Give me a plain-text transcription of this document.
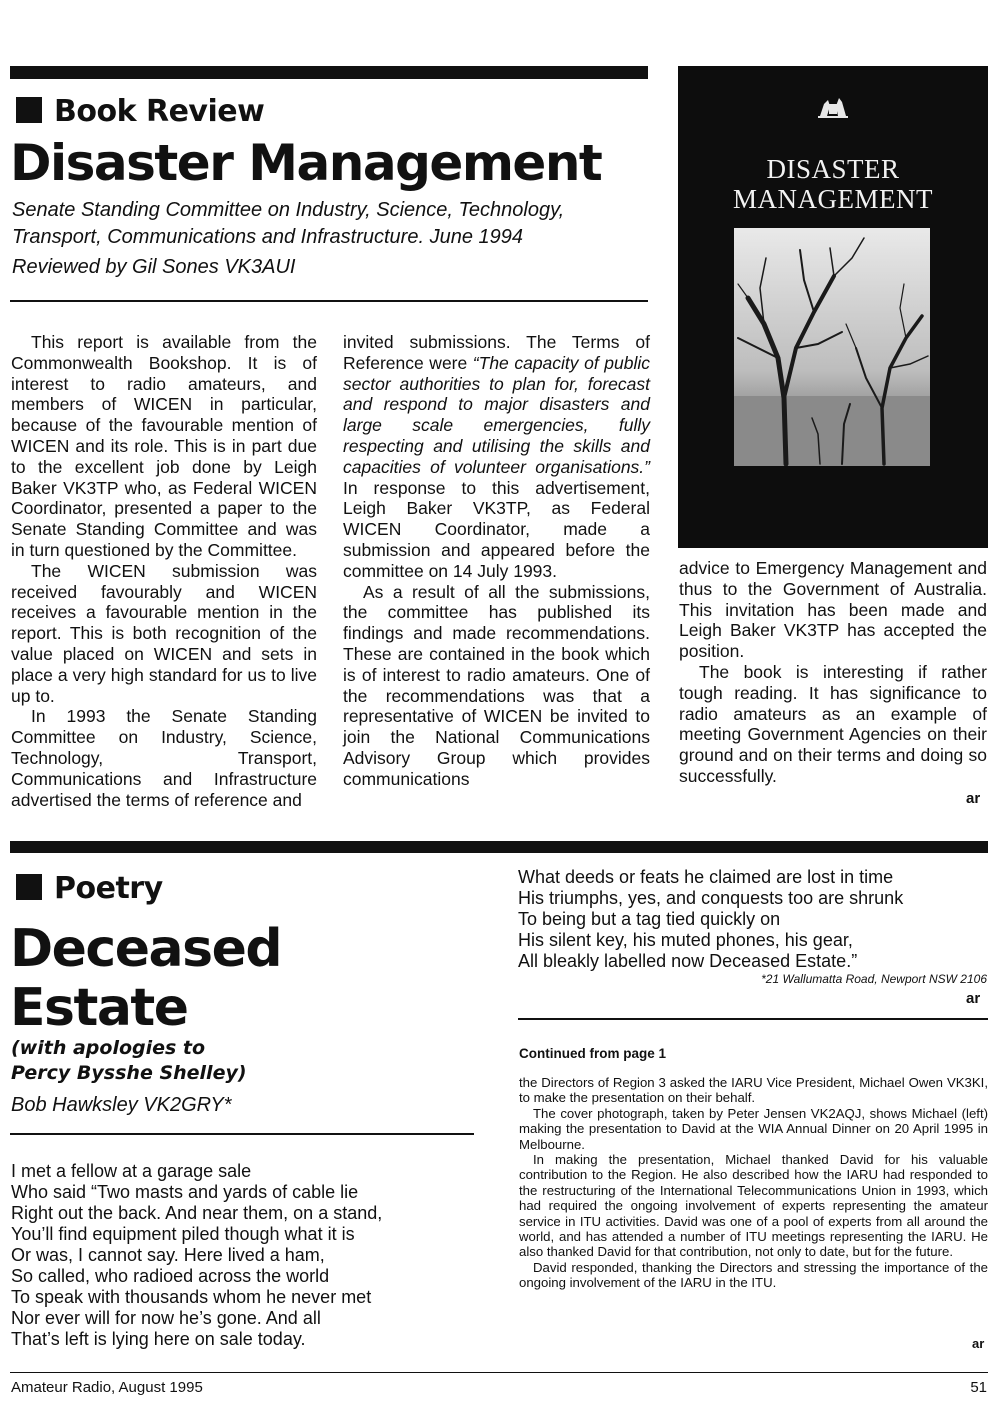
Book Review
Disaster Management
Senate Standing Committee on Industry, Science, Technology,
Transport, Communications and Infrastructure. June 1994
Reviewed by Gil Sones VK3AUI

This report is available from the Commonwealth Bookshop. It is of interest to radio amateurs, and members of WICEN in particular, because of the favourable mention of WICEN and its role. This is in part due to the excellent job done by Leigh Baker VK3TP who, as Federal WICEN Coordinator, presented a paper to the Senate Standing Committee and was in turn questioned by the Committee.

The WICEN submission was received favourably and WICEN receives a favourable mention in the report. This is both recognition of the value placed on WICEN and sets in place a very high standard for us to live up to.

In 1993 the Senate Standing Committee on Industry, Science, Technology, Transport, Communications and Infrastructure advertised the terms of reference and

invited submissions. The Terms of Reference were “The capacity of public sector authorities to plan for, forecast and respond to major disasters and large scale emergencies, fully respecting and utilising the skills and capacities of volunteer organisations.” In response to this advertisement, Leigh Baker VK3TP, as Federal WICEN Coordinator, made a submission and appeared before the committee on 14 July 1993.

As a result of all the submissions, the committee has published its findings and made recommendations. These are contained in the book which is of interest to radio amateurs. One of the recommendations was that a representative of WICEN be invited to join the National Communications Advisory Group which provides communications

DISASTER
MANAGEMENT

advice to Emergency Management and thus to the Government of Australia. This invitation has been made and Leigh Baker VK3TP has accepted the position.

The book is interesting if rather tough reading. It has significance to radio amateurs as an example of meeting Government Agencies on their ground and on their terms and doing so successfully.

ar
Poetry
Deceased
Estate
(with apologies to
Percy Bysshe Shelley)
Bob Hawksley VK2GRY*
I met a fellow at a garage sale
Who said “Two masts and yards of cable lie
Right out the back. And near them, on a stand,
You’ll find equipment piled though what it is
Or was, I cannot say. Here lived a ham,
So called, who radioed across the world
To speak with thousands whom he never met
Nor ever will for now he’s gone. And all
That’s left is lying here on sale today.
What deeds or feats he claimed are lost in time
His triumphs, yes, and conquests too are shrunk
To being but a tag tied quickly on
His silent key, his muted phones, his gear,
All bleakly labelled now Deceased Estate.”
*21 Wallumatta Road, Newport NSW 2106
ar
Continued from page 1

the Directors of Region 3 asked the IARU Vice President, Michael Owen VK3KI, to make the presentation on their behalf.

The cover photograph, taken by Peter Jensen VK2AQJ, shows Michael (left) making the presentation to David at the WIA Annual Dinner on 20 April 1995 in Melbourne.

In making the presentation, Michael thanked David for his valuable contribution to the Region. He also described how the IARU had responded to the restructuring of the International Telecommunications Union in 1993, which had required the ongoing involvement of experts representing the amateur service in ITU activities. David was one of a pool of experts from all around the world, and has attended a number of ITU meetings representing the IARU. He also thanked David for that contribution, not only to date, but for the future.

David responded, thanking the Directors and stressing the importance of the ongoing involvement of the IARU in the ITU.

ar
Amateur Radio, August 1995	51
